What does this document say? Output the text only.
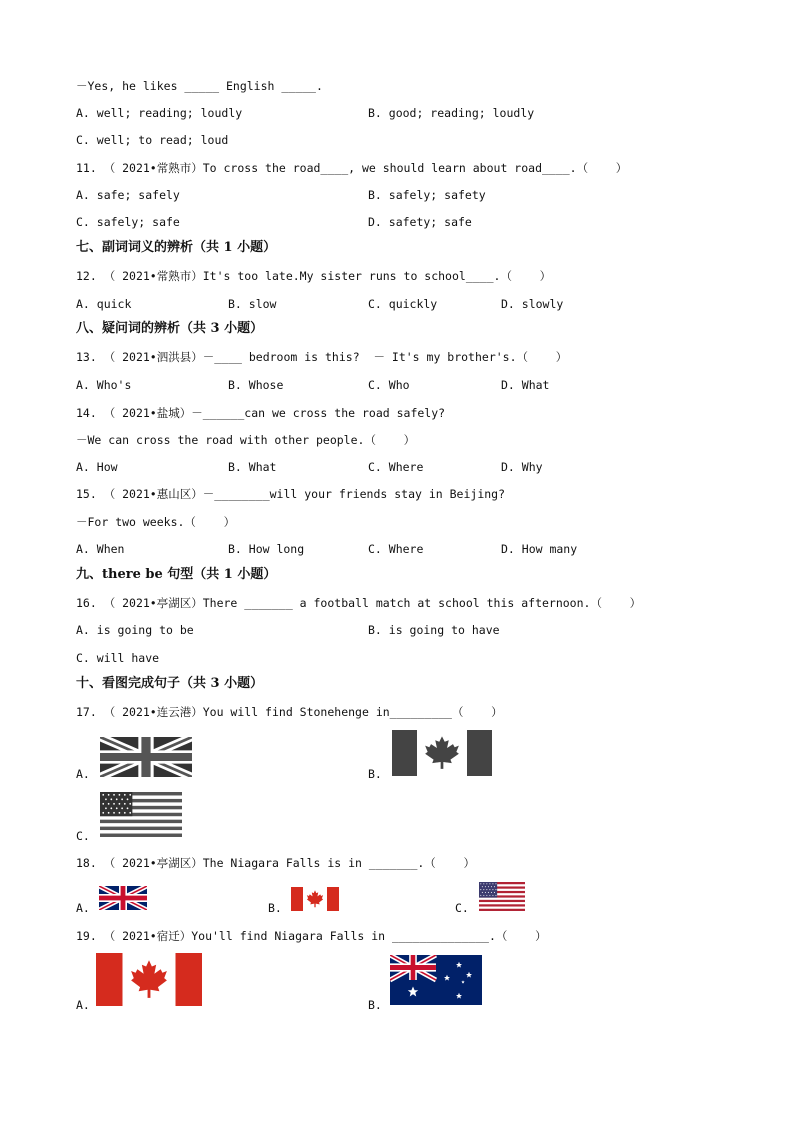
－Yes, he likes _____ English _____.
A. well; reading; loudly	B. good; reading; loudly
C. well; to read; loud
11. （ 2021•常熟市）To cross the road____, we should learn about road____.（    ）
A. safe; safely	B. safely; safety
C. safely; safe	D. safety; safe
七、副词词义的辨析（共 1 小题）
12. （ 2021•常熟市）It's too late.My sister runs to school____.（    ）
A. quick	B. slow	C. quickly	D. slowly
八、疑问词的辨析（共 3 小题）
13. （ 2021•泗洪县）－____ bedroom is this?  － It's my brother's.（    ）
A. Who's	B. Whose	C. Who	D. What
14. （ 2021•盐城）－______can we cross the road safely?
－We can cross the road with other people.（    ）
A. How	B. What	C. Where	D. Why
15. （ 2021•惠山区）－________will your friends stay in Beijing?
－For two weeks.（    ）
A. When	B. How long	C. Where	D. How many
九、there be 句型（共 1 小题）
16. （ 2021•亭湖区）There _______ a football match at school this afternoon.（    ）
A. is going to be	B. is going to have
C. will have
十、看图完成句子（共 3 小题）
17. （ 2021•连云港）You will find Stonehenge in_________（    ）
A.	B.
C.
18. （ 2021•亭湖区）The Niagara Falls is in _______.（    ）
A.	B.	C.
19. （ 2021•宿迁）You'll find Niagara Falls in ______________.（    ）
A.	B.
